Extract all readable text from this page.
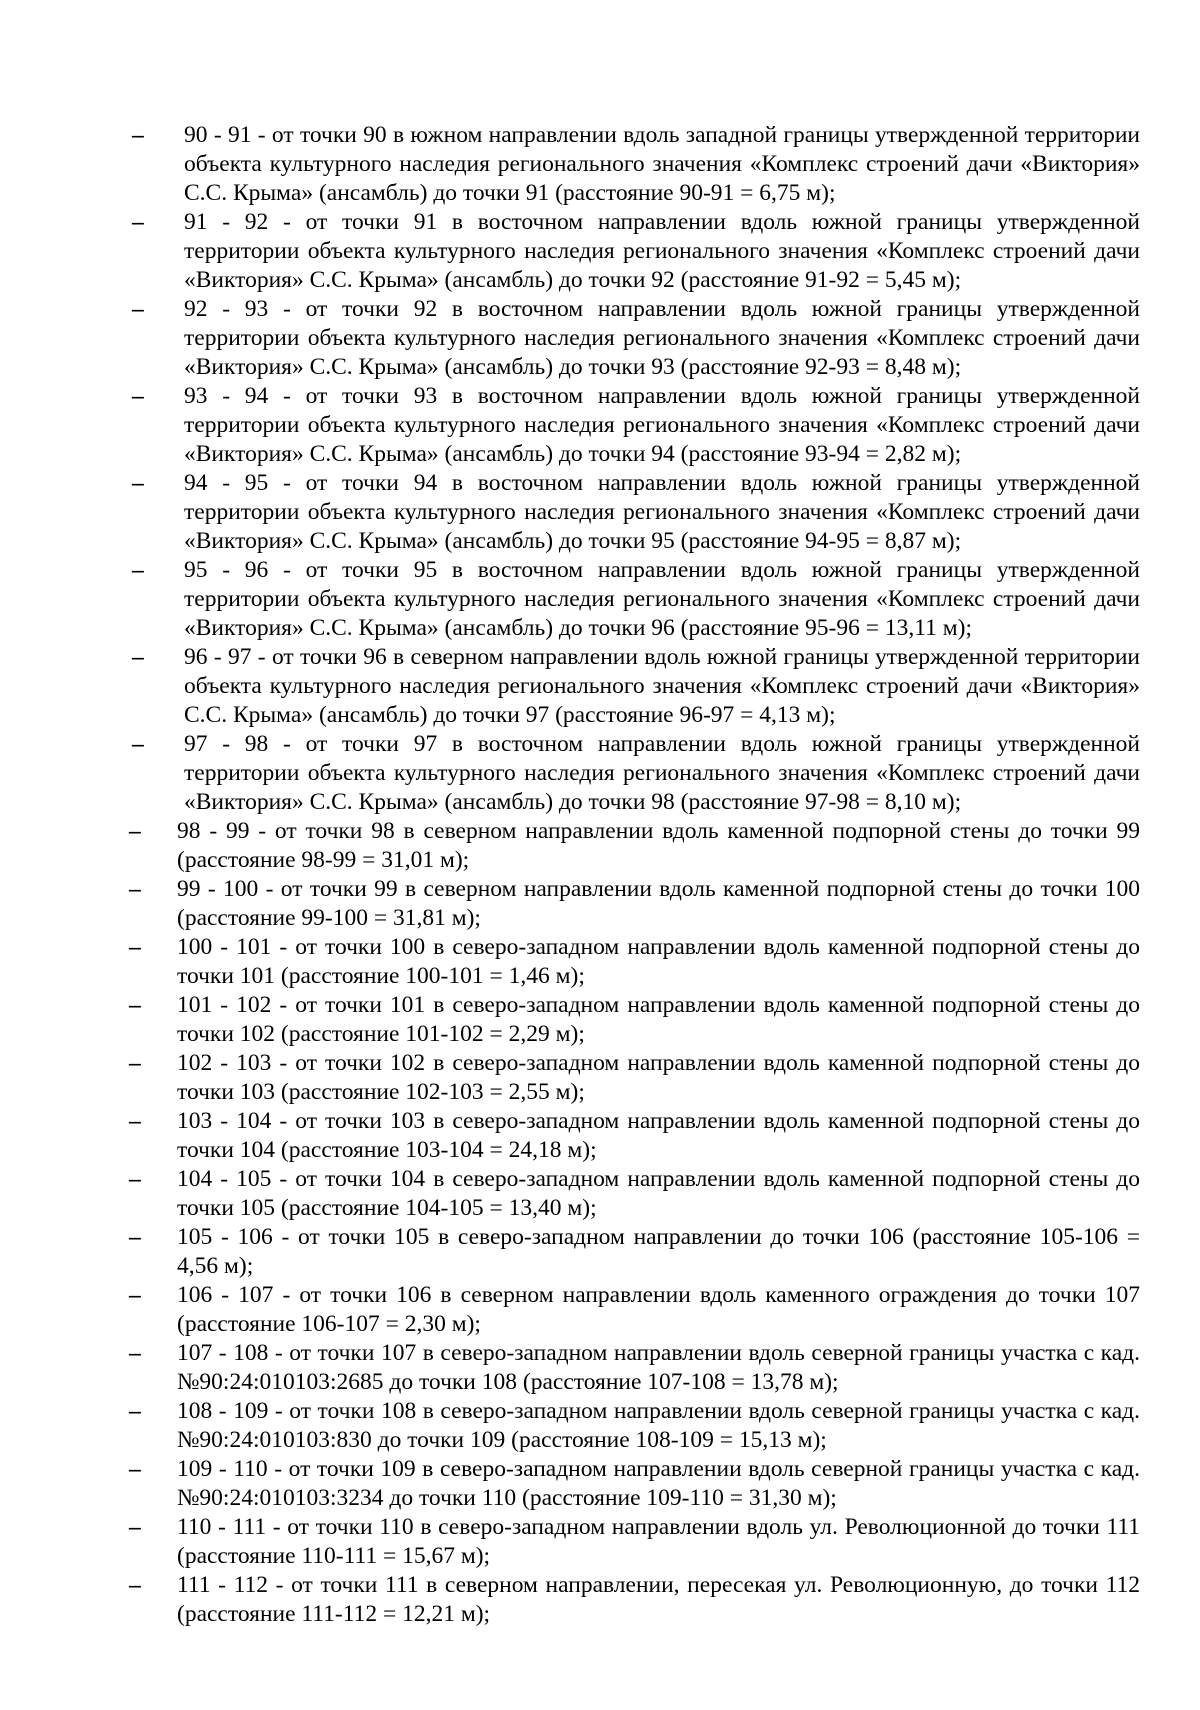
–	90 - 91 - от точки 90 в южном направлении вдоль западной границы утвержденной территории объекта культурного наследия регионального значения «Комплекс строений дачи «Виктория» С.С. Крыма» (ансамбль) до точки 91 (расстояние 90-91 = 6,75 м);
–	91 - 92 - от точки 91 в восточном направлении вдоль южной границы утвержденной территории объекта культурного наследия регионального значения «Комплекс строений дачи «Виктория» С.С. Крыма» (ансамбль) до точки 92 (расстояние 91-92 = 5,45 м);
–	92 - 93 - от точки 92 в восточном направлении вдоль южной границы утвержденной территории объекта культурного наследия регионального значения «Комплекс строений дачи «Виктория» С.С. Крыма» (ансамбль) до точки 93 (расстояние 92-93 = 8,48 м);
–	93 - 94 - от точки 93 в восточном направлении вдоль южной границы утвержденной территории объекта культурного наследия регионального значения «Комплекс строений дачи «Виктория» С.С. Крыма» (ансамбль) до точки 94 (расстояние 93-94 = 2,82 м);
–	94 - 95 - от точки 94 в восточном направлении вдоль южной границы утвержденной территории объекта культурного наследия регионального значения «Комплекс строений дачи «Виктория» С.С. Крыма» (ансамбль) до точки 95 (расстояние 94-95 = 8,87 м);
–	95 - 96 - от точки 95 в восточном направлении вдоль южной границы утвержденной территории объекта культурного наследия регионального значения «Комплекс строений дачи «Виктория» С.С. Крыма» (ансамбль) до точки 96 (расстояние 95-96 = 13,11 м);
–	96 - 97 - от точки 96 в северном направлении вдоль южной границы утвержденной территории объекта культурного наследия регионального значения «Комплекс строений дачи «Виктория» С.С. Крыма» (ансамбль) до точки 97 (расстояние 96-97 = 4,13 м);
–	97 - 98 - от точки 97 в восточном направлении вдоль южной границы утвержденной территории объекта культурного наследия регионального значения «Комплекс строений дачи «Виктория» С.С. Крыма» (ансамбль) до точки 98 (расстояние 97-98 = 8,10 м);
–	98 - 99 - от точки 98 в северном направлении вдоль каменной подпорной стены до точки 99 (расстояние 98-99 = 31,01 м);
–	99 - 100 - от точки 99 в северном направлении вдоль каменной подпорной стены до точки 100 (расстояние 99-100 = 31,81 м);
–	100 - 101 - от точки 100 в северо-западном направлении вдоль каменной подпорной стены до точки 101 (расстояние 100-101 = 1,46 м);
–	101 - 102 - от точки 101 в северо-западном направлении вдоль каменной подпорной стены до точки 102 (расстояние 101-102 = 2,29 м);
–	102 - 103 - от точки 102 в северо-западном направлении вдоль каменной подпорной стены до точки 103 (расстояние 102-103 = 2,55 м);
–	103 - 104 - от точки 103 в северо-западном направлении вдоль каменной подпорной стены до точки 104 (расстояние 103-104 = 24,18 м);
–	104 - 105 - от точки 104 в северо-западном направлении вдоль каменной подпорной стены до точки 105 (расстояние 104-105 = 13,40 м);
–	105 - 106 - от точки 105 в северо-западном направлении до точки 106 (расстояние 105-106 = 4,56 м);
–	106 - 107 - от точки 106 в северном направлении вдоль каменного ограждения до точки 107 (расстояние 106-107 = 2,30 м);
–	107 - 108 - от точки 107 в северо-западном направлении вдоль северной границы участка с кад. №90:24:010103:2685 до точки 108 (расстояние 107-108 = 13,78 м);
–	108 - 109 - от точки 108 в северо-западном направлении вдоль северной границы участка с кад. №90:24:010103:830 до точки 109 (расстояние 108-109 = 15,13 м);
–	109 - 110 - от точки 109 в северо-западном направлении вдоль северной границы участка с кад. №90:24:010103:3234 до точки 110 (расстояние 109-110 = 31,30 м);
–	110 - 111 - от точки 110 в северо-западном направлении вдоль ул. Революционной до точки 111 (расстояние 110-111 = 15,67 м);
–	111 - 112 - от точки 111 в северном направлении, пересекая ул. Революционную, до точки 112 (расстояние 111-112 = 12,21 м);
